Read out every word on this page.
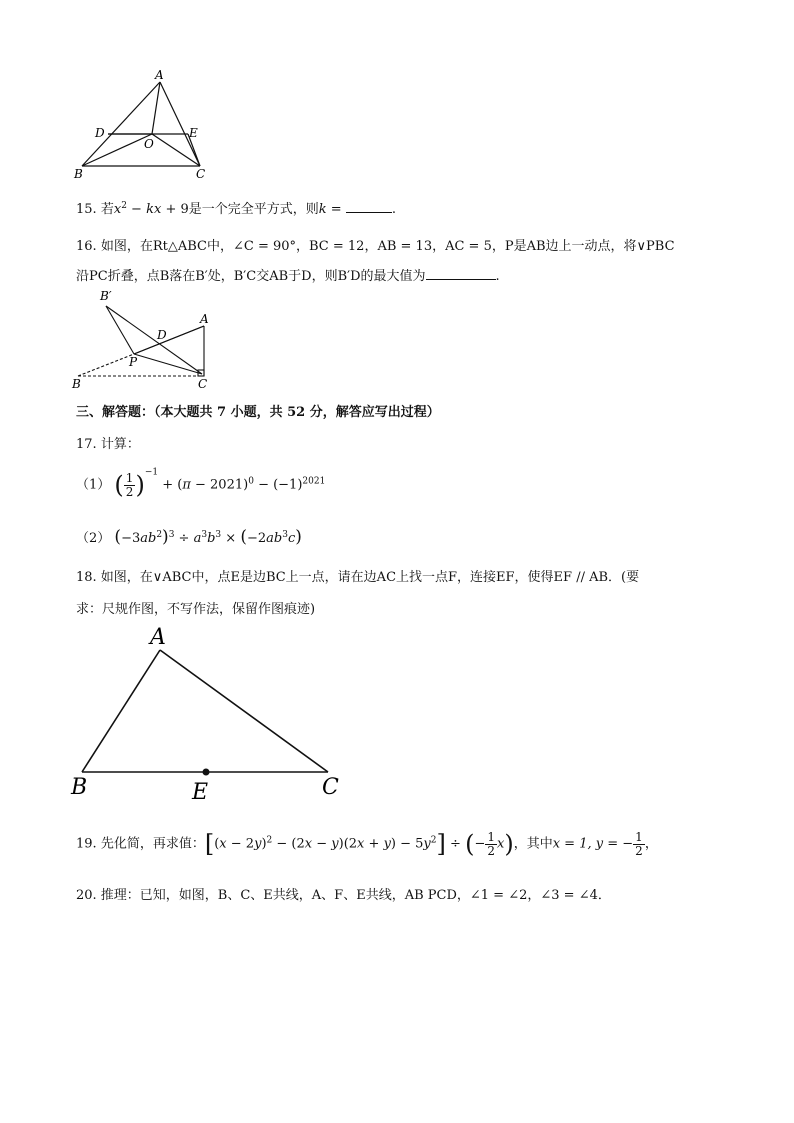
A
D	E
O
B	C
15. 若$x^2$ − kx + 9是一个完全平方式，则k =	.
16. 如图，在Rt△ABC中，∠C = 90°，BC = 12，AB = 13，AC = 5，P是AB边上一动点，将∨PBC
沿PC折叠，点B落在B′处，B′C交AB于D，则B′D的最大值为	.
B′
A
D
P
B	C
三、解答题：（本大题共 7 小题，共 52 分，解答应写出过程）
17. 计算：
（1） ( $\frac{1}{2} )^{-1} + (\pi - 2021)^0 - (-1)^{2021}$
（2） $(-3ab^2)^3 \div a^3b^3 \times (-2ab^3c)$
18. 如图，在∨ABC中，点E是边BC上一点，请在边AC上找一点F，连接EF，使得EF // AB．(要
求：尺规作图，不写作法，保留作图痕迹)
A
B	E	C
19. 先化简，再求值：$[(x - 2y)^2 - (2x - y)(2x + y) - 5y^2]$ ÷ (− $\frac{1}{2} x$)，其中x = 1, y = − $\frac{1}{2}$ ，
20. 推理：已知，如图，B、C、E共线，A、F、E共线，AB PCD，∠1 = ∠2，∠3 = ∠4．
